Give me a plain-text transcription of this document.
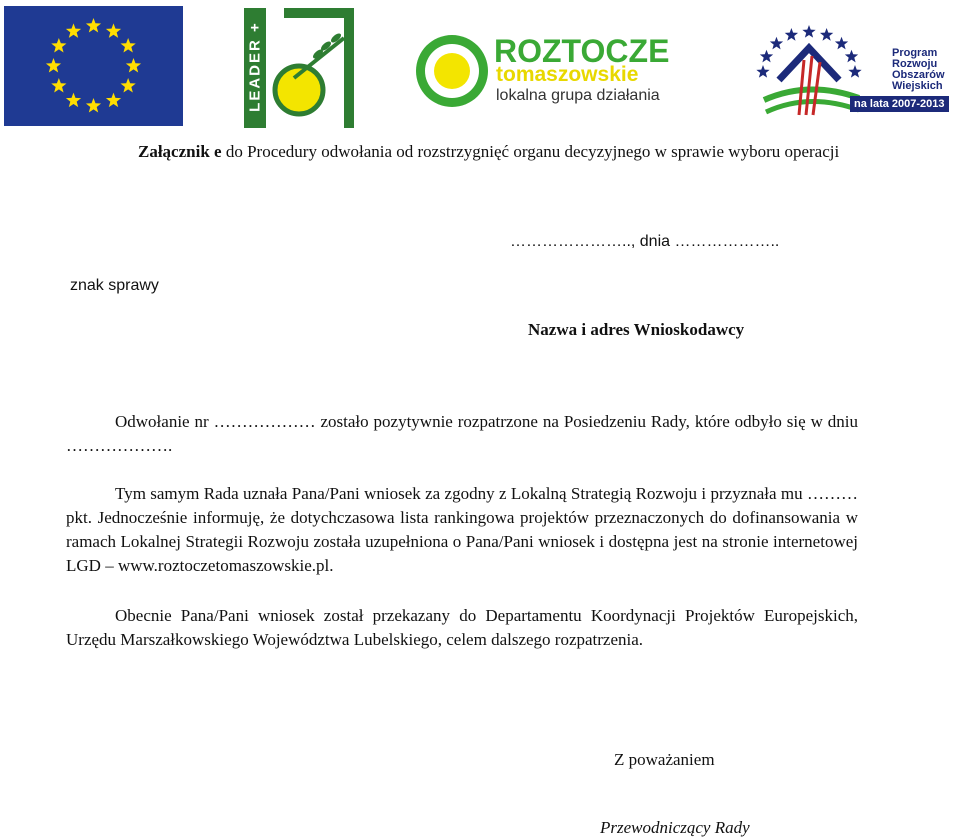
LEADER +	ROZTOCZE
tomaszowskie
lokalna grupa działania
Program
Rozwoju
Obszarów
Wiejskich
na lata 2007-2013
Załącznik e do Procedury odwołania od rozstrzygnięć organu decyzyjnego w sprawie wyboru operacji
………………….., dnia ………………..
znak sprawy
Nazwa i adres Wnioskodawcy
Odwołanie nr ……………… zostało pozytywnie rozpatrzone na Posiedzeniu Rady, które odbyło się w dniu ……………….
Tym samym Rada uznała Pana/Pani wniosek za zgodny z Lokalną Strategią Rozwoju i przyznała mu ……… pkt. Jednocześnie informuję, że dotychczasowa lista rankingowa projektów przeznaczonych do dofinansowania w ramach Lokalnej Strategii Rozwoju została uzupełniona o Pana/Pani wniosek i dostępna jest na stronie internetowej LGD – www.roztoczetomaszowskie.pl.
Obecnie Pana/Pani wniosek został przekazany do Departamentu Koordynacji Projektów Europejskich, Urzędu Marszałkowskiego Województwa Lubelskiego, celem dalszego rozpatrzenia.
Z poważaniem
Przewodniczący Rady
